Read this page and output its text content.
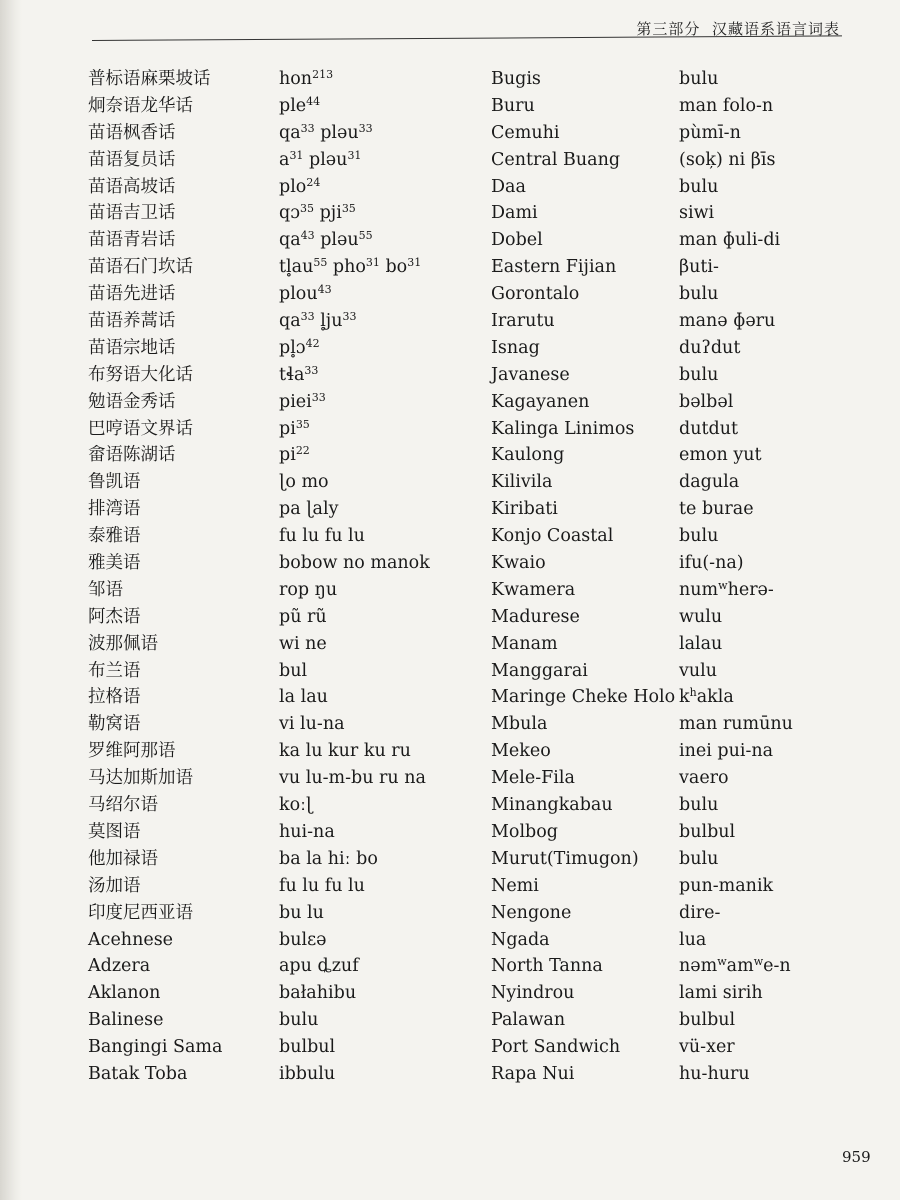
第三部分 汉藏语系语言词表
普标语麻栗坡话
炯奈语龙华话
苗语枫香话
苗语复员话
苗语高坡话
苗语吉卫话
苗语青岩话
苗语石门坎话
苗语先进话
苗语养蒿话
苗语宗地话
布努语大化话
勉语金秀话
巴哼语文界话
畲语陈湖话
鲁凯语
排湾语
泰雅语
雅美语
邹语
阿杰语
波那佩语
布兰语
拉格语
勒窝语
罗维阿那语
马达加斯加语
马绍尔语
莫图语
他加禄语
汤加语
印度尼西亚语
Acehnese
Adzera
Aklanon
Balinese
Bangingi Sama
Batak Toba
hon$^{213}$
ple$^{44}$
$qa^{33}$ pləu$^{33}$
$a^{31}$ pləu$^{31}$
plo$^{24}$
qɔ$^{35}$ pji$^{35}$
$qa^{43}$ pləu$^{55}$
$tl̥au^{55}$ pho$^{31}$ $bo^{31}$
plou$^{43}$
$qa^{33}$ $l̥ju^{33}$
pl̥ɔ$^{42}$
tɬa$^{33}$
piei$^{33}$
$pi^{35}$
$pi^{22}$
ɭo mo
pa ɭaly
fu lu fu lu
bobow no manok
rop ŋu
pũ rũ
wi ne
bul
la lau
vi lu-na
ka lu kur ku ru
vu lu-m-bu ru na
koːɭ
hui-na
ba la hiː bo
fu lu fu lu
bu lu
bulɛə
apu ȡzuf
bałahibu
bulu
bulbul
ibbulu
Bugis
Buru
Cemuhi
Central Buang
Daa
Dami
Dobel
Eastern Fijian
Gorontalo
Irarutu
Isnag
Javanese
Kagayanen
Kalinga Linimos
Kaulong
Kilivila
Kiribati
Konjo Coastal
Kwaio
Kwamera
Madurese
Manam
Manggarai
Maringe Cheke Holo
Mbula
Mekeo
Mele-Fila
Minangkabau
Molbog
Murut(Timugon)
Nemi
Nengone
Ngada
North Tanna
Nyindrou
Palawan
Port Sandwich
Rapa Nui
bulu
man folo-n
pùmī-n
(soķ) ni βīs
bulu
siwi
man ɸuli-di
βuti-
bulu
manə ɸəru
duʔdut
bulu
bəlbəl
dutdut
emon yut
dagula
te burae
bulu
ifu(-na)
num$^w$herə-
wulu
lalau
vulu
$k^hakla$
man rumūnu
inei pui-na
vaero
bulu
bulbul
bulu
pun-manik
dire-
lua
$nəm^wam^we-n$
lami sirih
bulbul
vü-xer
hu-huru
959
